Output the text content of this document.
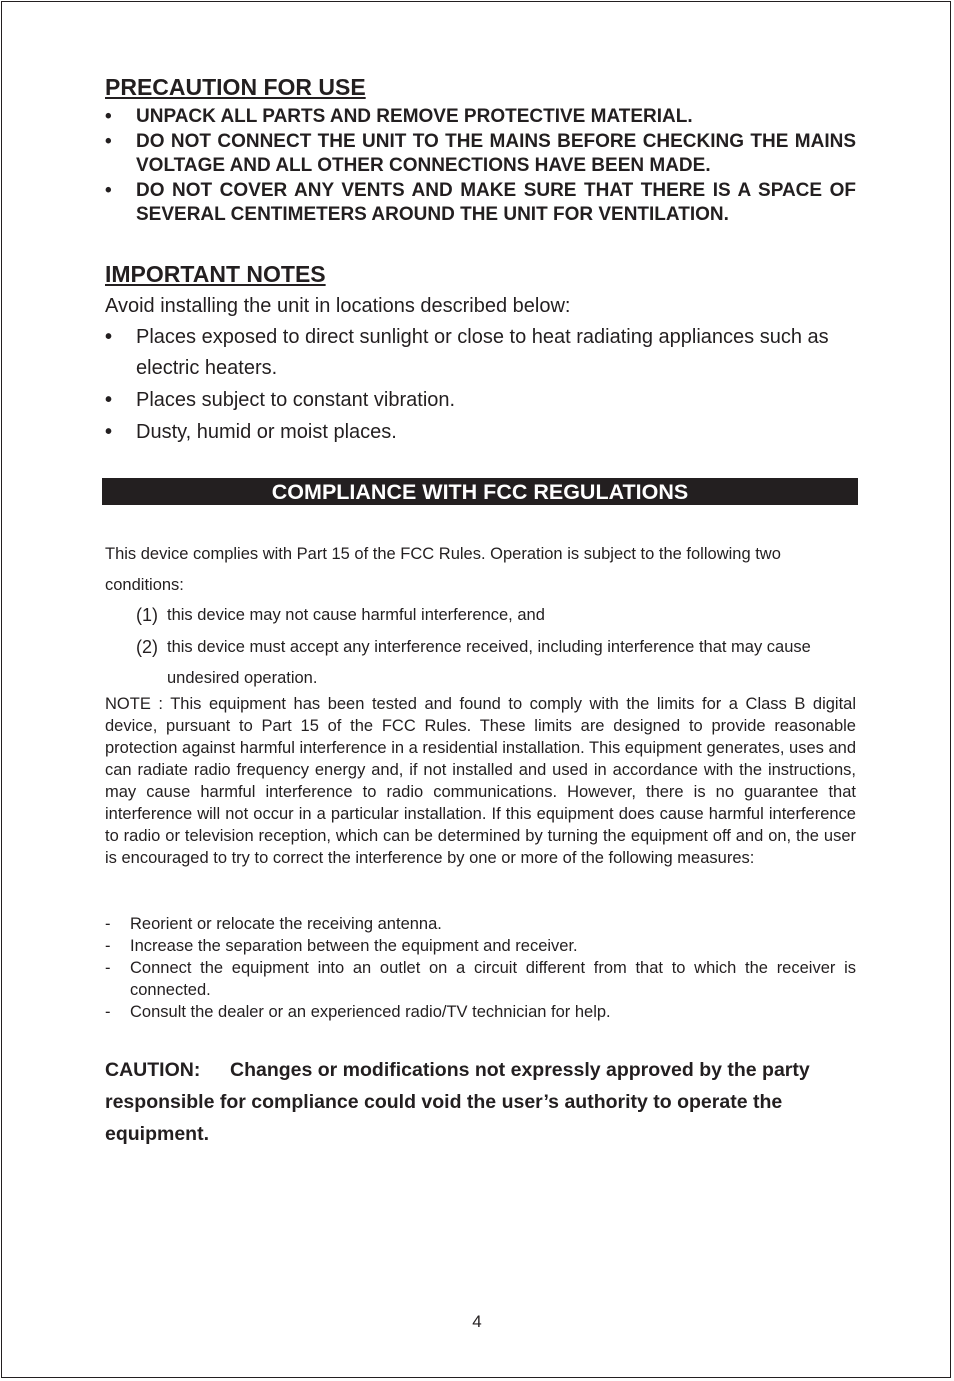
PRECAUTION FOR USE
• UNPACK ALL PARTS AND REMOVE PROTECTIVE MATERIAL.
• DO NOT CONNECT THE UNIT TO THE MAINS BEFORE CHECKING THE MAINS VOLTAGE AND ALL OTHER CONNECTIONS HAVE BEEN MADE.
• DO NOT COVER ANY VENTS AND MAKE SURE THAT THERE IS A SPACE OF SEVERAL CENTIMETERS AROUND THE UNIT FOR VENTILATION.
IMPORTANT NOTES
Avoid installing the unit in locations described below:
• Places exposed to direct sunlight or close to heat radiating appliances such as electric heaters.
• Places subject to constant vibration.
• Dusty, humid or moist places.
This device complies with Part 15 of the FCC Rules. Operation is subject to the following two conditions:
(1) this device may not cause harmful interference, and
(2) this device must accept any interference received, including interference that may cause undesired operation.
NOTE : This equipment has been tested and found to comply with the limits for a Class B digital device, pursuant to Part 15 of the FCC Rules. These limits are designed to provide reasonable protection against harmful interference in a residential installation. This equipment generates, uses and can radiate radio frequency energy and, if not installed and used in accordance with the instructions, may cause harmful interference to radio communications. However, there is no guarantee that interference will not occur in a particular installation. If this equipment does cause harmful interference to radio or television reception, which can be determined by turning the equipment off and on, the user is encouraged to try to correct the interference by one or more of the following measures:
- Reorient or relocate the receiving antenna.
- Increase the separation between the equipment and receiver.
- Connect the equipment into an outlet on a circuit different from that to which the receiver is connected.
- Consult the dealer or an experienced radio/TV technician for help.
CAUTION: Changes or modifications not expressly approved by the party responsible for compliance could void the user’s authority to operate the equipment.
COMPLIANCE WITH FCC REGULATIONS
4
